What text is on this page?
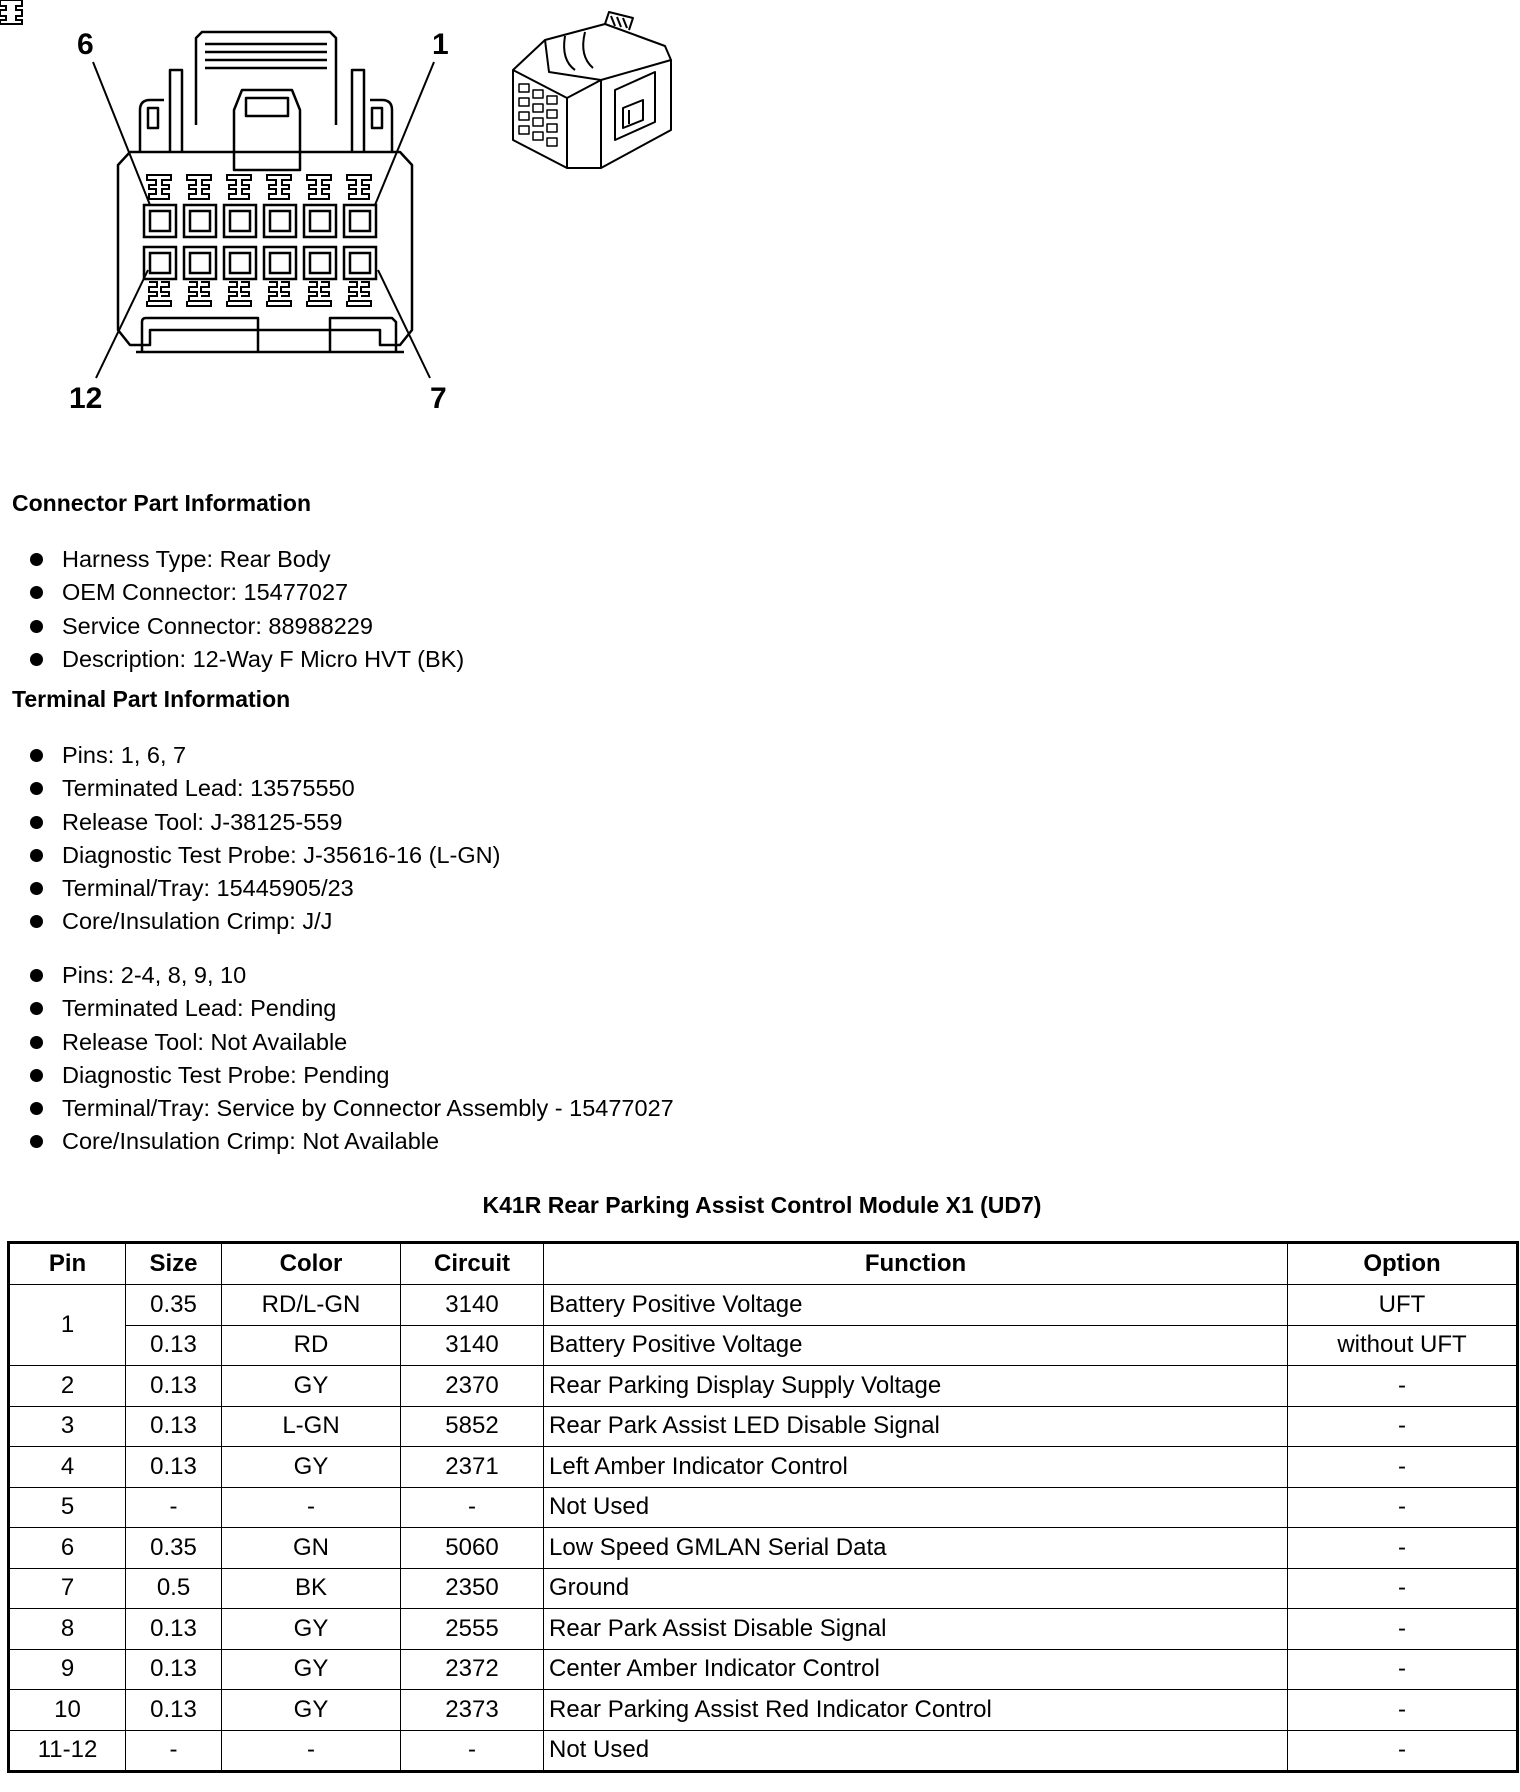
6	1
12	7
Connector Part Information
Harness Type: Rear Body
OEM Connector: 15477027
Service Connector: 88988229
Description: 12-Way F Micro HVT (BK)
Terminal Part Information
Pins: 1, 6, 7
Terminated Lead: 13575550
Release Tool: J-38125-559
Diagnostic Test Probe: J-35616-16 (L-GN)
Terminal/Tray: 15445905/23
Core/Insulation Crimp: J/J
Pins: 2-4, 8, 9, 10
Terminated Lead: Pending
Release Tool: Not Available
Diagnostic Test Probe: Pending
Terminal/Tray: Service by Connector Assembly - 15477027
Core/Insulation Crimp: Not Available
K41R Rear Parking Assist Control Module X1 (UD7)
Pin	Size	Color	Circuit	Function	Option
1	0.35	RD/L-GN	3140	Battery Positive Voltage	UFT
	0.13	RD	3140	Battery Positive Voltage	without UFT
2	0.13	GY	2370	Rear Parking Display Supply Voltage	-
3	0.13	L-GN	5852	Rear Park Assist LED Disable Signal	-
4	0.13	GY	2371	Left Amber Indicator Control	-
5	-	-	-	Not Used	-
6	0.35	GN	5060	Low Speed GMLAN Serial Data	-
7	0.5	BK	2350	Ground	-
8	0.13	GY	2555	Rear Park Assist Disable Signal	-
9	0.13	GY	2372	Center Amber Indicator Control	-
10	0.13	GY	2373	Rear Parking Assist Red Indicator Control	-
11-12	-	-	-	Not Used	-
